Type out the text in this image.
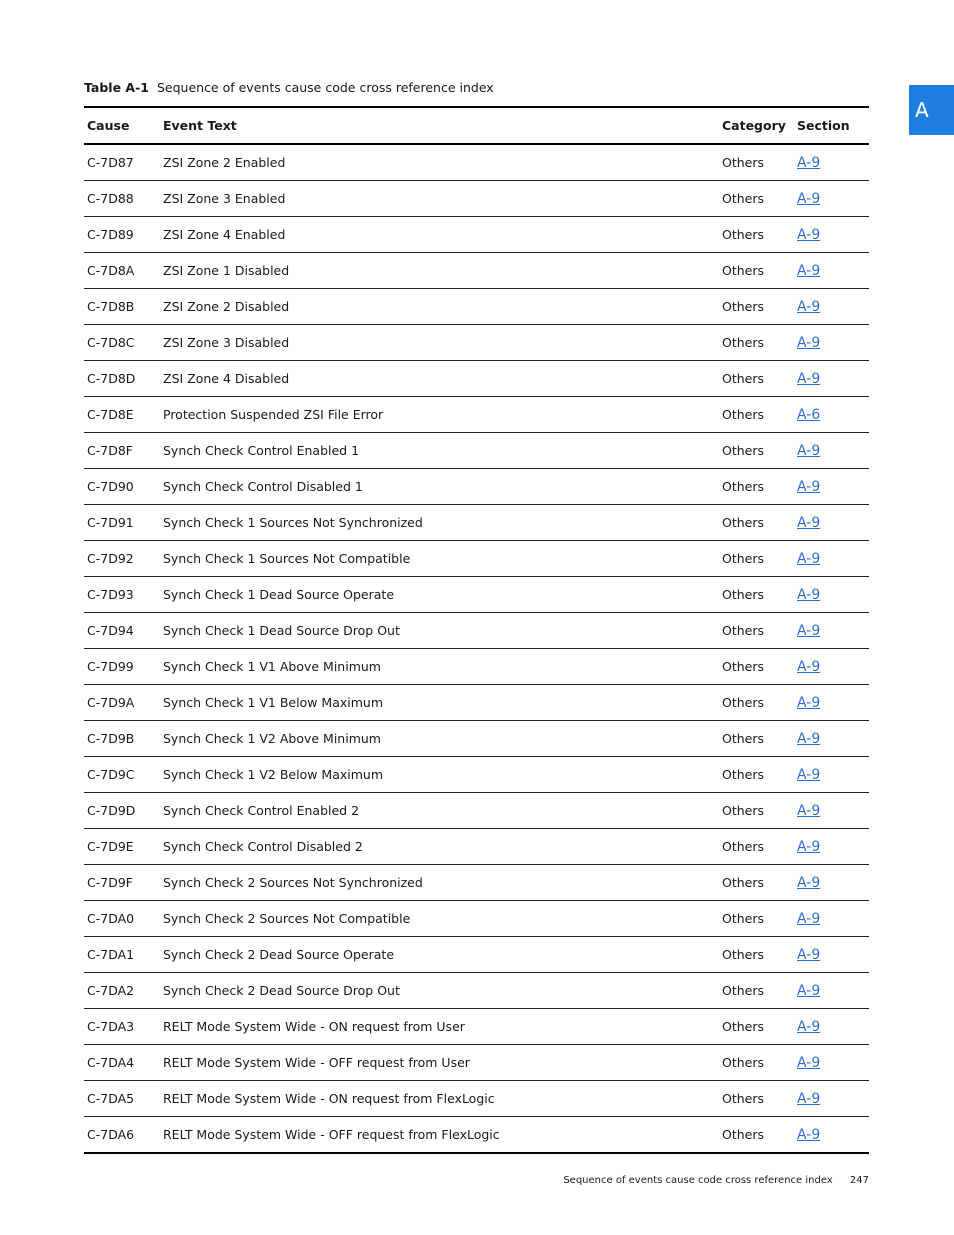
Table A-1 Sequence of events cause code cross reference index
A
Cause	Event Text	Category Section
C-7D87 ZSI Zone 2 Enabled	Others A-9
C-7D88 ZSI Zone 3 Enabled	Others A-9
C-7D89 ZSI Zone 4 Enabled	Others A-9
C-7D8A ZSI Zone 1 Disabled	Others A-9
C-7D8B ZSI Zone 2 Disabled	Others A-9
C-7D8C ZSI Zone 3 Disabled	Others A-9
C-7D8D ZSI Zone 4 Disabled	Others A-9
C-7D8E Protection Suspended ZSI File Error	Others A-6
C-7D8F Synch Check Control Enabled 1	Others A-9
C-7D90 Synch Check Control Disabled 1	Others A-9
C-7D91 Synch Check 1 Sources Not Synchronized	Others A-9
C-7D92 Synch Check 1 Sources Not Compatible	Others A-9
C-7D93 Synch Check 1 Dead Source Operate	Others A-9
C-7D94 Synch Check 1 Dead Source Drop Out	Others A-9
C-7D99 Synch Check 1 V1 Above Minimum	Others A-9
C-7D9A Synch Check 1 V1 Below Maximum	Others A-9
C-7D9B Synch Check 1 V2 Above Minimum	Others A-9
C-7D9C Synch Check 1 V2 Below Maximum	Others A-9
C-7D9D Synch Check Control Enabled 2	Others A-9
C-7D9E Synch Check Control Disabled 2	Others A-9
C-7D9F Synch Check 2 Sources Not Synchronized	Others A-9
C-7DA0 Synch Check 2 Sources Not Compatible	Others A-9
C-7DA1 Synch Check 2 Dead Source Operate	Others A-9
C-7DA2 Synch Check 2 Dead Source Drop Out	Others A-9
C-7DA3 RELT Mode System Wide - ON request from User	Others A-9
C-7DA4 RELT Mode System Wide - OFF request from User	Others A-9
C-7DA5 RELT Mode System Wide - ON request from FlexLogic	Others A-9
C-7DA6 RELT Mode System Wide - OFF request from FlexLogic	Others A-9
Sequence of events cause code cross reference index 247
